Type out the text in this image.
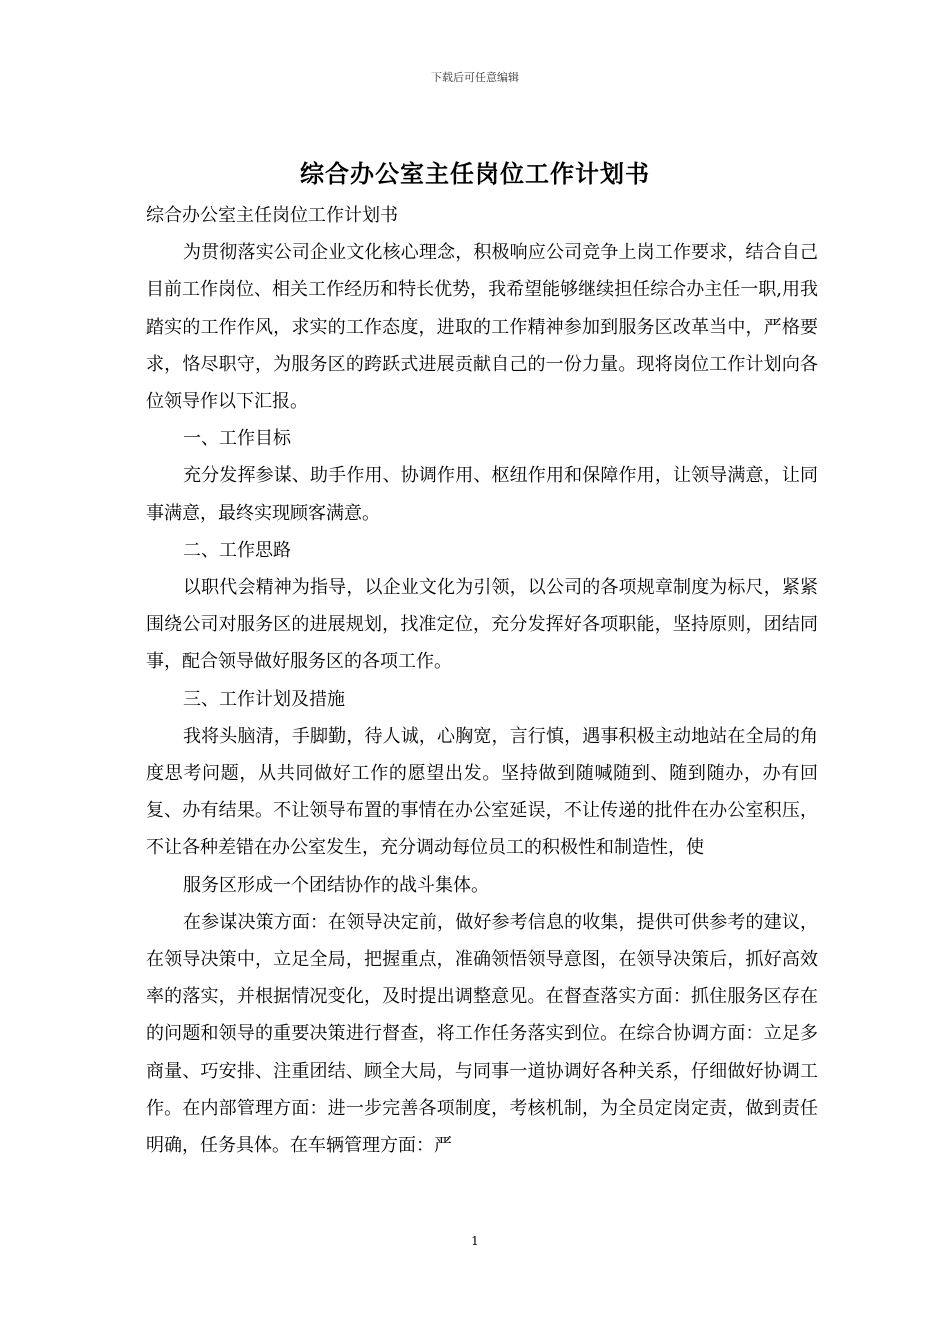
下载后可任意编辑
综合办公室主任岗位工作计划书

综合办公室主任岗位工作计划书

为贯彻落实公司企业文化核心理念，积极响应公司竞争上岗工作要求，结合自己目前工作岗位、相关工作经历和特长优势，我希望能够继续担任综合办主任一职,用我踏实的工作作风，求实的工作态度，进取的工作精神参加到服务区改革当中，严格要求，恪尽职守，为服务区的跨跃式进展贡献自己的一份力量。现将岗位工作计划向各位领导作以下汇报。

一、工作目标

充分发挥参谋、助手作用、协调作用、枢纽作用和保障作用，让领导满意，让同事满意，最终实现顾客满意。

二、工作思路

以职代会精神为指导，以企业文化为引领，以公司的各项规章制度为标尺，紧紧围绕公司对服务区的进展规划，找准定位，充分发挥好各项职能，坚持原则，团结同事，配合领导做好服务区的各项工作。

三、工作计划及措施

我将头脑清，手脚勤，待人诚，心胸宽，言行慎，遇事积极主动地站在全局的角度思考问题，从共同做好工作的愿望出发。坚持做到随喊随到、随到随办，办有回复、办有结果。不让领导布置的事情在办公室延误，不让传递的批件在办公室积压，不让各种差错在办公室发生，充分调动每位员工的积极性和制造性，使

服务区形成一个团结协作的战斗集体。

在参谋决策方面：在领导决定前，做好参考信息的收集，提供可供参考的建议，在领导决策中，立足全局，把握重点，准确领悟领导意图，在领导决策后，抓好高效率的落实，并根据情况变化，及时提出调整意见。在督查落实方面：抓住服务区存在的问题和领导的重要决策进行督查，将工作任务落实到位。在综合协调方面：立足多商量、巧安排、注重团结、顾全大局，与同事一道协调好各种关系，仔细做好协调工作。在内部管理方面：进一步完善各项制度，考核机制，为全员定岗定责，做到责任明确，任务具体。在车辆管理方面：严

1
